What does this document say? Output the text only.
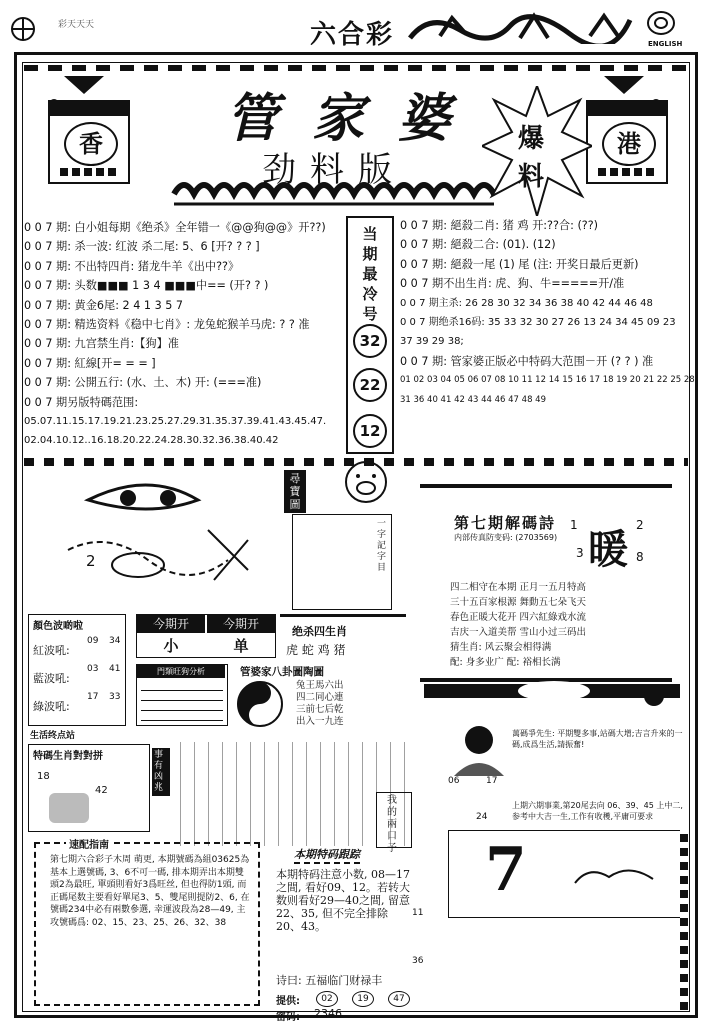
彩天天天	六合彩	ENGLISH
香	港
管家婆
劲料版
爆
料
0 0 7 期: 白小姐每期《绝杀》全年错一《@@狗@@》开??)
0 0 7 期: 杀一波: 红波 杀二尾: 5、6 [开? ? ? ]
0 0 7 期: 不出特四肖: 猪龙牛羊《出中??》
0 0 7 期: 头数■■■ 1 3 4 ■■■中== (开? ? )
0 0 7 期: 黄金6尾: 2 4 1 3 5 7
0 0 7 期: 精选资料《稳中七肖》: 龙兔蛇猴羊马虎: ? ? 准
0 0 7 期: 九宫禁生肖:【狗】准
0 0 7 期: 紅線[开= = = ]
0 0 7 期: 公開五行: (水、土、木) 开: (===准)
0 0 7 期另版特碼范围:
05.07.11.15.17.19.21.23.25.27.29.31.35.37.39.41.43.45.47.
02.04.10.12..16.18.20.22.24.28.30.32.36.38.40.42
当
期
最
冷
号
32
22
12
0 0 7 期: 絕殺二肖: 猪 鸡 开:??合: (??)
0 0 7 期: 絕殺二合: (01). (12)
0 0 7 期: 絕殺一尾 (1) 尾 (注: 开奖日最后更新)
0 0 7 期不出生肖: 虎、狗、牛=====开/准
0 0 7 期主杀: 26 28 30 32 34 36 38 40 42 44 46 48
0 0 7 期绝杀16码: 35 33 32 30 27 26 13 24 34 45 09 23
37 39 29 38;
0 0 7 期: 管家婆正版必中特码大范围－开 (? ? ) 准
01 02 03 04 05 06 07 08 10 11 12 14 15 16 17 18 19 20 21 22 25 28
31 36 40 41 42 43 44 46 47 48 49
2
尋寶圖
一字記字目
第七期解碼詩
内部传真防变码: (2703569) 暖
1
3
2
8
四二相守在本期 正月一五月特高
三十五百家根源 舞動五七朵飞天
春色正暖大花开 四六紅綠戏水流
吉庆一入道美帮 雪山小过三码出
猜生肖: 风云聚会相得满
配: 身多业广 配: 裕相长满
顏色波啲啦
紅波吼:
09 34
藍波吼:
03 41
綠波吼:
17 33
今期开	今期开
小	单
绝杀四生肖
虎 蛇 鸡 猪
門類旺狗分析	管婆家八卦圖陶圖
兔王馬六出
四二同心連
三前七后乾
出入一九连
生活终点站
特碼生肖對對拼
18
42
事有凶兆
我的兩口子
萬碼爭先生: 平期雙多事,站碼大增;吉言升來的一碼,成爲生活,請振奮!
06	17
24
上期六期事業,第20尾去向 06、39、45 上中二,参考中大吉一生,工作有收穫,平庸可要求
速配指南
第七期六合彩子木周 萌更, 本期號碼為組03625為基本上選號碼, 3、6不可一碼, 排本期弄出本期雙頭2為最旺, 單頭則看好3爲旺丝, 但也得防1頭, 而正碼尾数主要看好單尾3、5、雙尾則提防2、6, 在號碼234中必有兩數參選, 幸運波段為28—49, 主攻號碼爲: 02、15、23、25、26、32、38
本期特码跟踪
本期特码注意小数, 08—17之間, 看好09、12。若转大数则看好29—40之間, 留意22、35, 但不完全排除20、43。
11
36
诗曰: 五福临门财禄丰
提供:	02	19	47
密码: 2346
7
